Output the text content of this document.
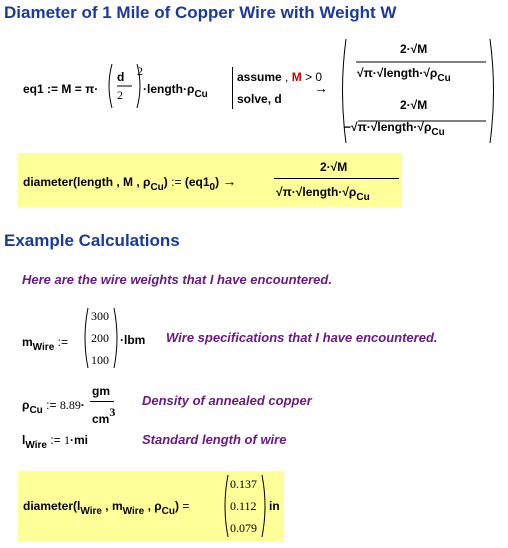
Diameter of 1 Mile of Copper Wire with Weight W
eq1 := M = π·
d
2
2
$\cdot length\cdot\rho_{Cu}$
assume , M > 0
solve, d
→
2·√M
$√\pi\cdot√length\cdot√\rho_{Cu}$
2·√M
$-√\pi\cdot√length\cdot√\rho_{Cu}$
diameter(length , M , $\rho_{Cu}$) := $(eq1_0)$ →
2·√M
$√\pi\cdot√length\cdot√\rho_{Cu}$
Example Calculations
Here are the wire weights that I have encountered.
$m_{Wire}$ :=
300
200
100
·lbm Wire specifications that I have encountered.
$\rho_{Cu}$ := 8.89·
gm
cm3
Density of annealed copper
$l_{Wire}$ := 1·mi	Standard length of wire
$diameter(l_{Wire}$ , $m_{Wire}$ , $\rho_{Cu}$) =
0.137
0.112
0.079
in
